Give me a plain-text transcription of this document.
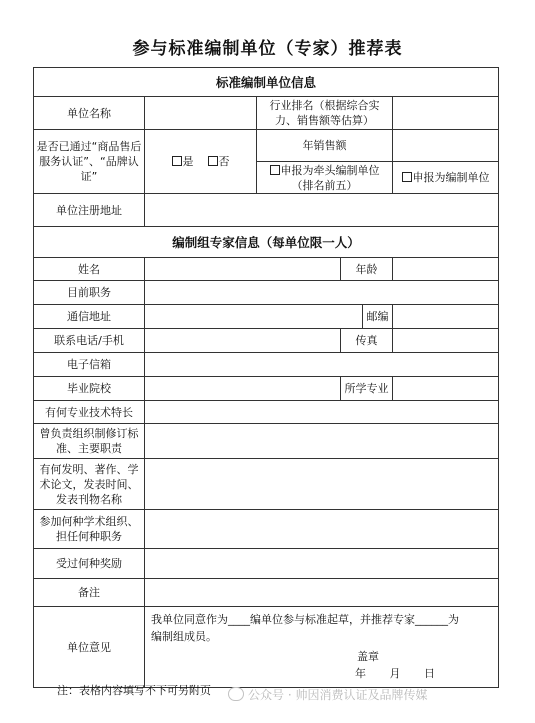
参与标准编制单位（专家）推荐表
标准编制单位信息					
单位名称		行业排名（根据综合实力、销售额等估算）			
是否已通过“商品售后服务认证”、“品牌认证”	是 否	年销售额			
		申报为牵头编制单位（排名前五）			申报为编制单位
单位注册地址					
编制组专家信息（每单位限一人）					
姓名			年龄		
目前职务					
通信地址				邮编	
联系电话/手机			传真		
电子信箱					
毕业院校			所学专业		
有何专业技术特长					
曾负责组织制修订标准、主要职责					
有何发明、著作、学术论文，发表时间、发表刊物名称					
参加何种学术组织、担任何种职务					
受过何种奖励					
备注					
单位意见	我单位同意作为____编单位参与标准起草，并推荐专家______为
编制组成员。
盖章
年 月 日				
注：表格内容填写不下可另附页	公众号 · 帅因消费认证及品牌传媒
